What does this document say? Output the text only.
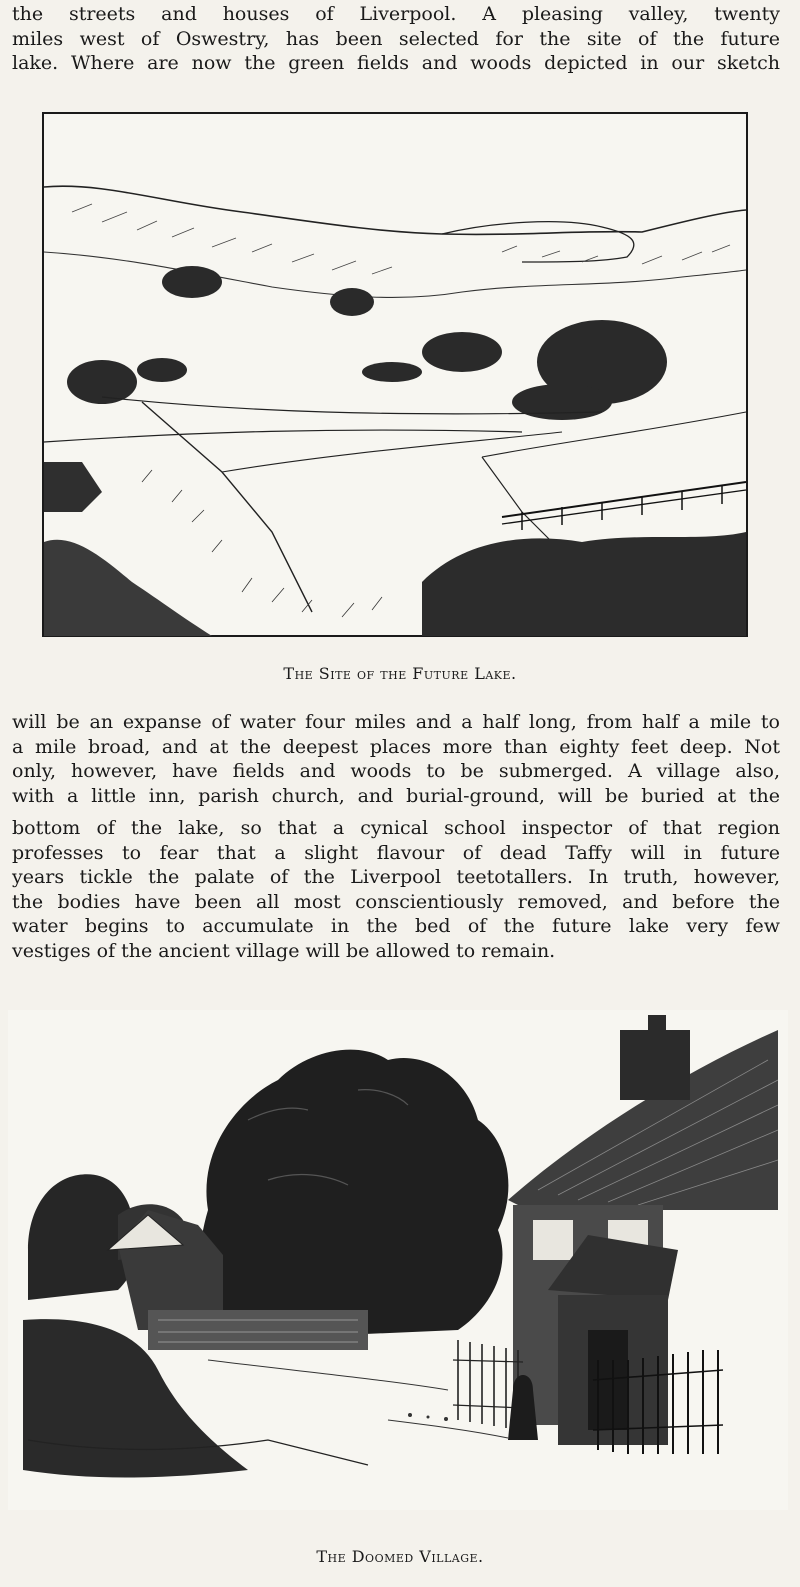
the streets and houses of Liverpool. A pleasing valley, twenty
miles west of Oswestry, has been selected for the site of the future
lake. Where are now the green fields and woods depicted in our sketch
The Site of the Future Lake.
will be an expanse of water four miles and a half long, from half a mile to
a mile broad, and at the deepest places more than eighty feet deep. Not
only, however, have fields and woods to be submerged. A village also,
with a little inn, parish church, and burial-ground, will be buried at the
bottom of the lake, so that a cynical school inspector of that region
professes to fear that a slight flavour of dead Taffy will in future
years tickle the palate of the Liverpool teetotallers. In truth, however,
the bodies have been all most conscientiously removed, and before the
water begins to accumulate in the bed of the future lake very few
vestiges of the ancient village will be allowed to remain.
The Doomed Village.
